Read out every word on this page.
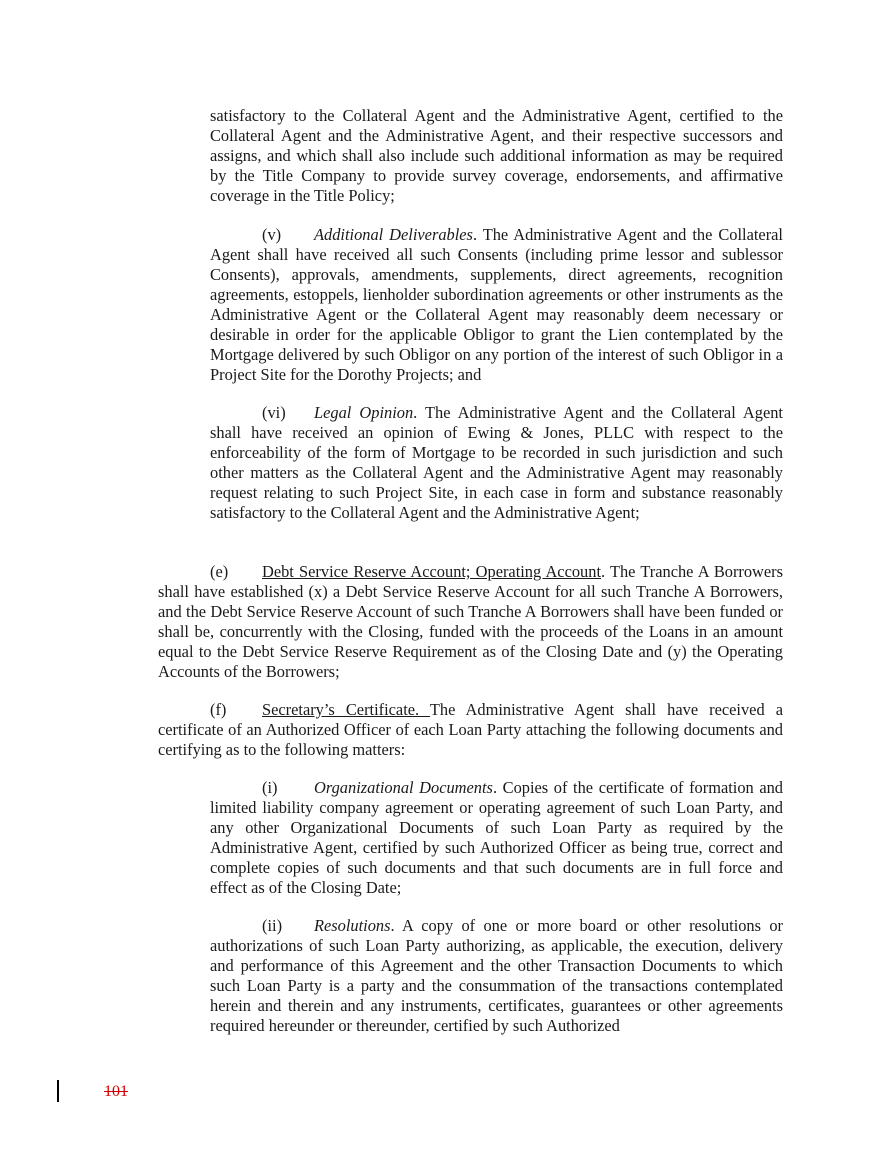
satisfactory to the Collateral Agent and the Administrative Agent, certified to the Collateral Agent and the Administrative Agent, and their respective successors and assigns, and which shall also include such additional information as may be required by the Title Company to provide survey coverage, endorsements, and affirmative coverage in the Title Policy;

(v) Additional Deliverables. The Administrative Agent and the Collateral Agent shall have received all such Consents (including prime lessor and sublessor Consents), approvals, amendments, supplements, direct agreements, recognition agreements, estoppels, lienholder subordination agreements or other instruments as the Administrative Agent or the Collateral Agent may reasonably deem necessary or desirable in order for the applicable Obligor to grant the Lien contemplated by the Mortgage delivered by such Obligor on any portion of the interest of such Obligor in a Project Site for the Dorothy Projects; and

(vi) Legal Opinion. The Administrative Agent and the Collateral Agent shall have received an opinion of Ewing & Jones, PLLC with respect to the enforceability of the form of Mortgage to be recorded in such jurisdiction and such other matters as the Collateral Agent and the Administrative Agent may reasonably request relating to such Project Site, in each case in form and substance reasonably satisfactory to the Collateral Agent and the Administrative Agent;

(e) Debt Service Reserve Account; Operating Account. The Tranche A Borrowers shall have established (x) a Debt Service Reserve Account for all such Tranche A Borrowers, and the Debt Service Reserve Account of such Tranche A Borrowers shall have been funded or shall be, concurrently with the Closing, funded with the proceeds of the Loans in an amount equal to the Debt Service Reserve Requirement as of the Closing Date and (y) the Operating Accounts of the Borrowers;

(f) Secretary’s Certificate. The Administrative Agent shall have received a certificate of an Authorized Officer of each Loan Party attaching the following documents and certifying as to the following matters:

(i) Organizational Documents. Copies of the certificate of formation and limited liability company agreement or operating agreement of such Loan Party, and any other Organizational Documents of such Loan Party as required by the Administrative Agent, certified by such Authorized Officer as being true, correct and complete copies of such documents and that such documents are in full force and effect as of the Closing Date;

(ii) Resolutions. A copy of one or more board or other resolutions or authorizations of such Loan Party authorizing, as applicable, the execution, delivery and performance of this Agreement and the other Transaction Documents to which such Loan Party is a party and the consummation of the transactions contemplated herein and therein and any instruments, certificates, guarantees or other agreements required hereunder or thereunder, certified by such Authorized

101
